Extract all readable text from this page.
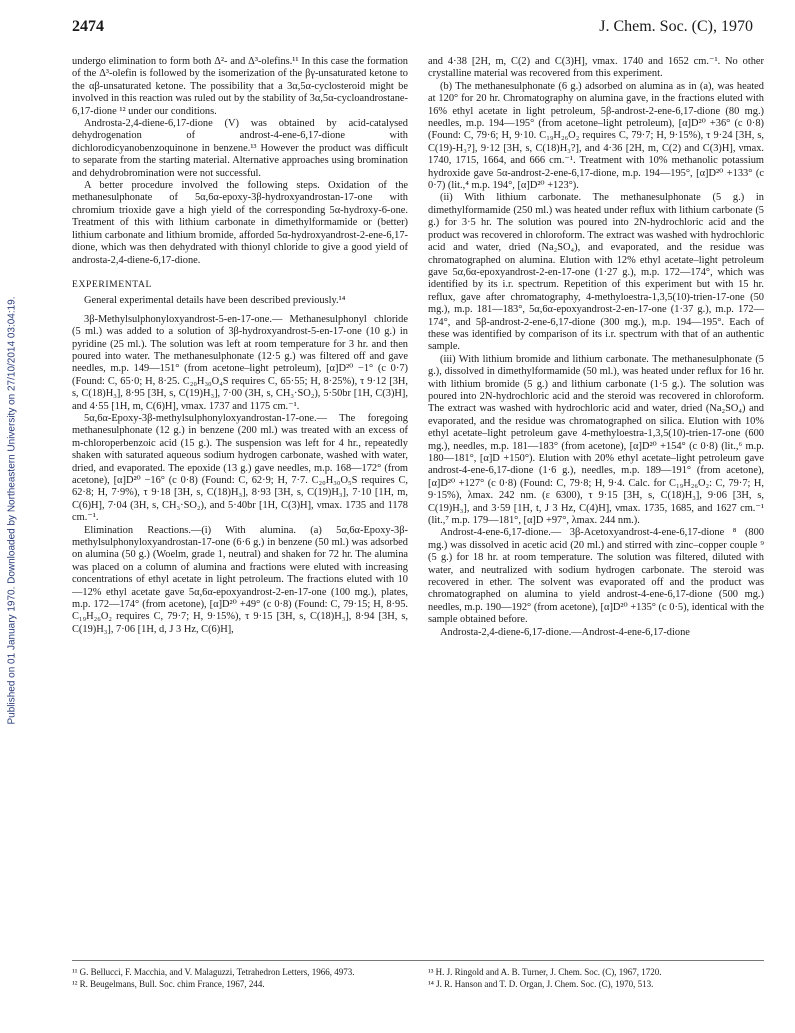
Published on 01 January 1970. Downloaded by Northeastern University on 27/10/2014 03:04:19.
2474	J. Chem. Soc. (C), 1970

undergo elimination to form both Δ²- and Δ³-olefins.¹¹ In this case the formation of the Δ³-olefin is followed by the isomerization of the βγ-unsaturated ketone to the αβ-unsaturated ketone. The possibility that a 3α,5α-cyclosteroid might be involved in this reaction was ruled out by the stability of 3α,5α-cycloandrostane-6,17-dione ¹² under our conditions.

Androsta-2,4-diene-6,17-dione (V) was obtained by acid-catalysed dehydrogenation of androst-4-ene-6,17-dione with dichlorodicyanobenzoquinone in benzene.¹³ However the product was difficult to separate from the starting material. Alternative approaches using bromination and dehydrobromination were not successful.

A better procedure involved the following steps. Oxidation of the methanesulphonate of 5α,6α-epoxy-3β-hydroxyandrostan-17-one with chromium trioxide gave a high yield of the corresponding 5α-hydroxy-6-one. Treatment of this with lithium carbonate in dimethylformamide or (better) lithium carbonate and lithium bromide, afforded 5α-hydroxyandrost-2-ene-6,17-dione, which was then dehydrated with thionyl chloride to give a good yield of androsta-2,4-diene-6,17-dione.

EXPERIMENTAL

General experimental details have been described previously.¹⁴

3β-Methylsulphonyloxyandrost-5-en-17-one.— Methanesulphonyl chloride (5 ml.) was added to a solution of 3β-hydroxyandrost-5-en-17-one (10 g.) in pyridine (25 ml.). The solution was left at room temperature for 3 hr. and then poured into water. The methanesulphonate (12·5 g.) was filtered off and gave needles, m.p. 149—151° (from acetone–light petroleum), [α]D²⁰ −1° (c 0·7) (Found: C, 65·0; H, 8·25. C₂₀H₃₀O₄S requires C, 65·55; H, 8·25%), τ 9·12 [3H, s, C(18)H₃], 8·95 [3H, s, C(19)H₃], 7·00 (3H, s, CH₃·SO₂), 5·50br [1H, C(3)H], and 4·55 [1H, m, C(6)H], νmax. 1737 and 1175 cm.⁻¹.

5α,6α-Epoxy-3β-methylsulphonyloxyandrostan-17-one.— The foregoing methanesulphonate (12 g.) in benzene (200 ml.) was treated with an excess of m-chloroperbenzoic acid (15 g.). The suspension was left for 4 hr., repeatedly shaken with saturated aqueous sodium hydrogen carbonate, washed with water, dried, and evaporated. The epoxide (13 g.) gave needles, m.p. 168—172° (from acetone), [α]D²⁰ −16° (c 0·8) (Found: C, 62·9; H, 7·7. C₂₀H₃₀O₅S requires C, 62·8; H, 7·9%), τ 9·18 [3H, s, C(18)H₃], 8·93 [3H, s, C(19)H₃], 7·10 [1H, m, C(6)H], 7·04 (3H, s, CH₃·SO₂), and 5·40br [1H, C(3)H], νmax. 1735 and 1178 cm.⁻¹.

Elimination Reactions.—(i) With alumina. (a) 5α,6α-Epoxy-3β-methylsulphonyloxyandrostan-17-one (6·6 g.) in benzene (50 ml.) was adsorbed on alumina (50 g.) (Woelm, grade 1, neutral) and shaken for 72 hr. The alumina was placed on a column of alumina and fractions were eluted with increasing concentrations of ethyl acetate in light petroleum. The fractions eluted with 10—12% ethyl acetate gave 5α,6α-epoxyandrost-2-en-17-one (100 mg.), plates, m.p. 172—174° (from acetone), [α]D²⁰ +49° (c 0·8) (Found: C, 79·15; H, 8·95. C₁₉H₂₆O₂ requires C, 79·7; H, 9·15%), τ 9·15 [3H, s, C(18)H₃], 8·94 [3H, s, C(19)H₃], 7·06 [1H, d, J 3 Hz, C(6)H],

and 4·38 [2H, m, C(2) and C(3)H], νmax. 1740 and 1652 cm.⁻¹. No other crystalline material was recovered from this experiment.

(b) The methanesulphonate (6 g.) adsorbed on alumina as in (a), was heated at 120° for 20 hr. Chromatography on alumina gave, in the fractions eluted with 16% ethyl acetate in light petroleum, 5β-androst-2-ene-6,17-dione (80 mg.) needles, m.p. 194—195° (from acetone–light petroleum), [α]D²⁰ +36° (c 0·8) (Found: C, 79·6; H, 9·10. C₁₉H₂₆O₂ requires C, 79·7; H, 9·15%), τ 9·24 [3H, s, C(19)-H₃?], 9·12 [3H, s, C(18)H₃?], and 4·36 [2H, m, C(2) and C(3)H], νmax. 1740, 1715, 1664, and 666 cm.⁻¹. Treatment with 10% methanolic potassium hydroxide gave 5α-androst-2-ene-6,17-dione, m.p. 194—195°, [α]D²⁰ +133° (c 0·7) (lit.,⁴ m.p. 194°, [α]D²⁰ +123°).

(ii) With lithium carbonate. The methanesulphonate (5 g.) in dimethylformamide (250 ml.) was heated under reflux with lithium carbonate (5 g.) for 3·5 hr. The solution was poured into 2N-hydrochloric acid and the product was recovered in chloroform. The extract was washed with hydrochloric acid and water, dried (Na₂SO₄), and evaporated, and the residue was chromatographed on alumina. Elution with 12% ethyl acetate–light petroleum gave 5α,6α-epoxyandrost-2-en-17-one (1·27 g.), m.p. 172—174°, which was identified by its i.r. spectrum. Repetition of this experiment but with 15 hr. reflux, gave after chromatography, 4-methyloestra-1,3,5(10)-trien-17-one (50 mg.), m.p. 181—183°, 5α,6α-epoxyandrost-2-en-17-one (1·37 g.), m.p. 172—174°, and 5β-androst-2-ene-6,17-dione (300 mg.), m.p. 194—195°. Each of these was identified by comparison of its i.r. spectrum with that of an authentic sample.

(iii) With lithium bromide and lithium carbonate. The methanesulphonate (5 g.), dissolved in dimethylformamide (50 ml.), was heated under reflux for 16 hr. with lithium bromide (5 g.) and lithium carbonate (1·5 g.). The solution was poured into 2N-hydrochloric acid and the steroid was recovered in chloroform. The extract was washed with hydrochloric acid and water, dried (Na₂SO₄) and evaporated, and the residue was chromatographed on silica. Elution with 10% ethyl acetate–light petroleum gave 4-methyloestra-1,3,5(10)-trien-17-one (600 mg.), needles, m.p. 181—183° (from acetone), [α]D²⁰ +154° (c 0·8) (lit.,⁶ m.p. 180—181°, [α]D +150°). Elution with 20% ethyl acetate–light petroleum gave androst-4-ene-6,17-dione (1·6 g.), needles, m.p. 189—191° (from acetone), [α]D²⁰ +127° (c 0·8) (Found: C, 79·8; H, 9·4. Calc. for C₁₉H₂₆O₂: C, 79·7; H, 9·15%), λmax. 242 nm. (ε 6300), τ 9·15 [3H, s, C(18)H₃], 9·06 [3H, s, C(19)H₃], and 3·59 [1H, t, J 3 Hz, C(4)H], νmax. 1735, 1685, and 1627 cm.⁻¹ (lit.,⁷ m.p. 179—181°, [α]D +97°, λmax. 244 nm.).

Androst-4-ene-6,17-dione.— 3β-Acetoxyandrost-4-ene-6,17-dione ⁸ (800 mg.) was dissolved in acetic acid (20 ml.) and stirred with zinc–copper couple ⁹ (5 g.) for 18 hr. at room temperature. The solution was filtered, diluted with water, and neutralized with sodium hydrogen carbonate. The steroid was recovered in ether. The solvent was evaporated off and the product was chromatographed on alumina to yield androst-4-ene-6,17-dione (500 mg.) needles, m.p. 190—192° (from acetone), [α]D²⁰ +135° (c 0·5), identical with the sample obtained before.

Androsta-2,4-diene-6,17-dione.—Androst-4-ene-6,17-dione

¹¹ G. Bellucci, F. Macchia, and V. Malaguzzi, Tetrahedron Letters, 1966, 4973.

¹² R. Beugelmans, Bull. Soc. chim France, 1967, 244.

¹³ H. J. Ringold and A. B. Turner, J. Chem. Soc. (C), 1967, 1720.

¹⁴ J. R. Hanson and T. D. Organ, J. Chem. Soc. (C), 1970, 513.
